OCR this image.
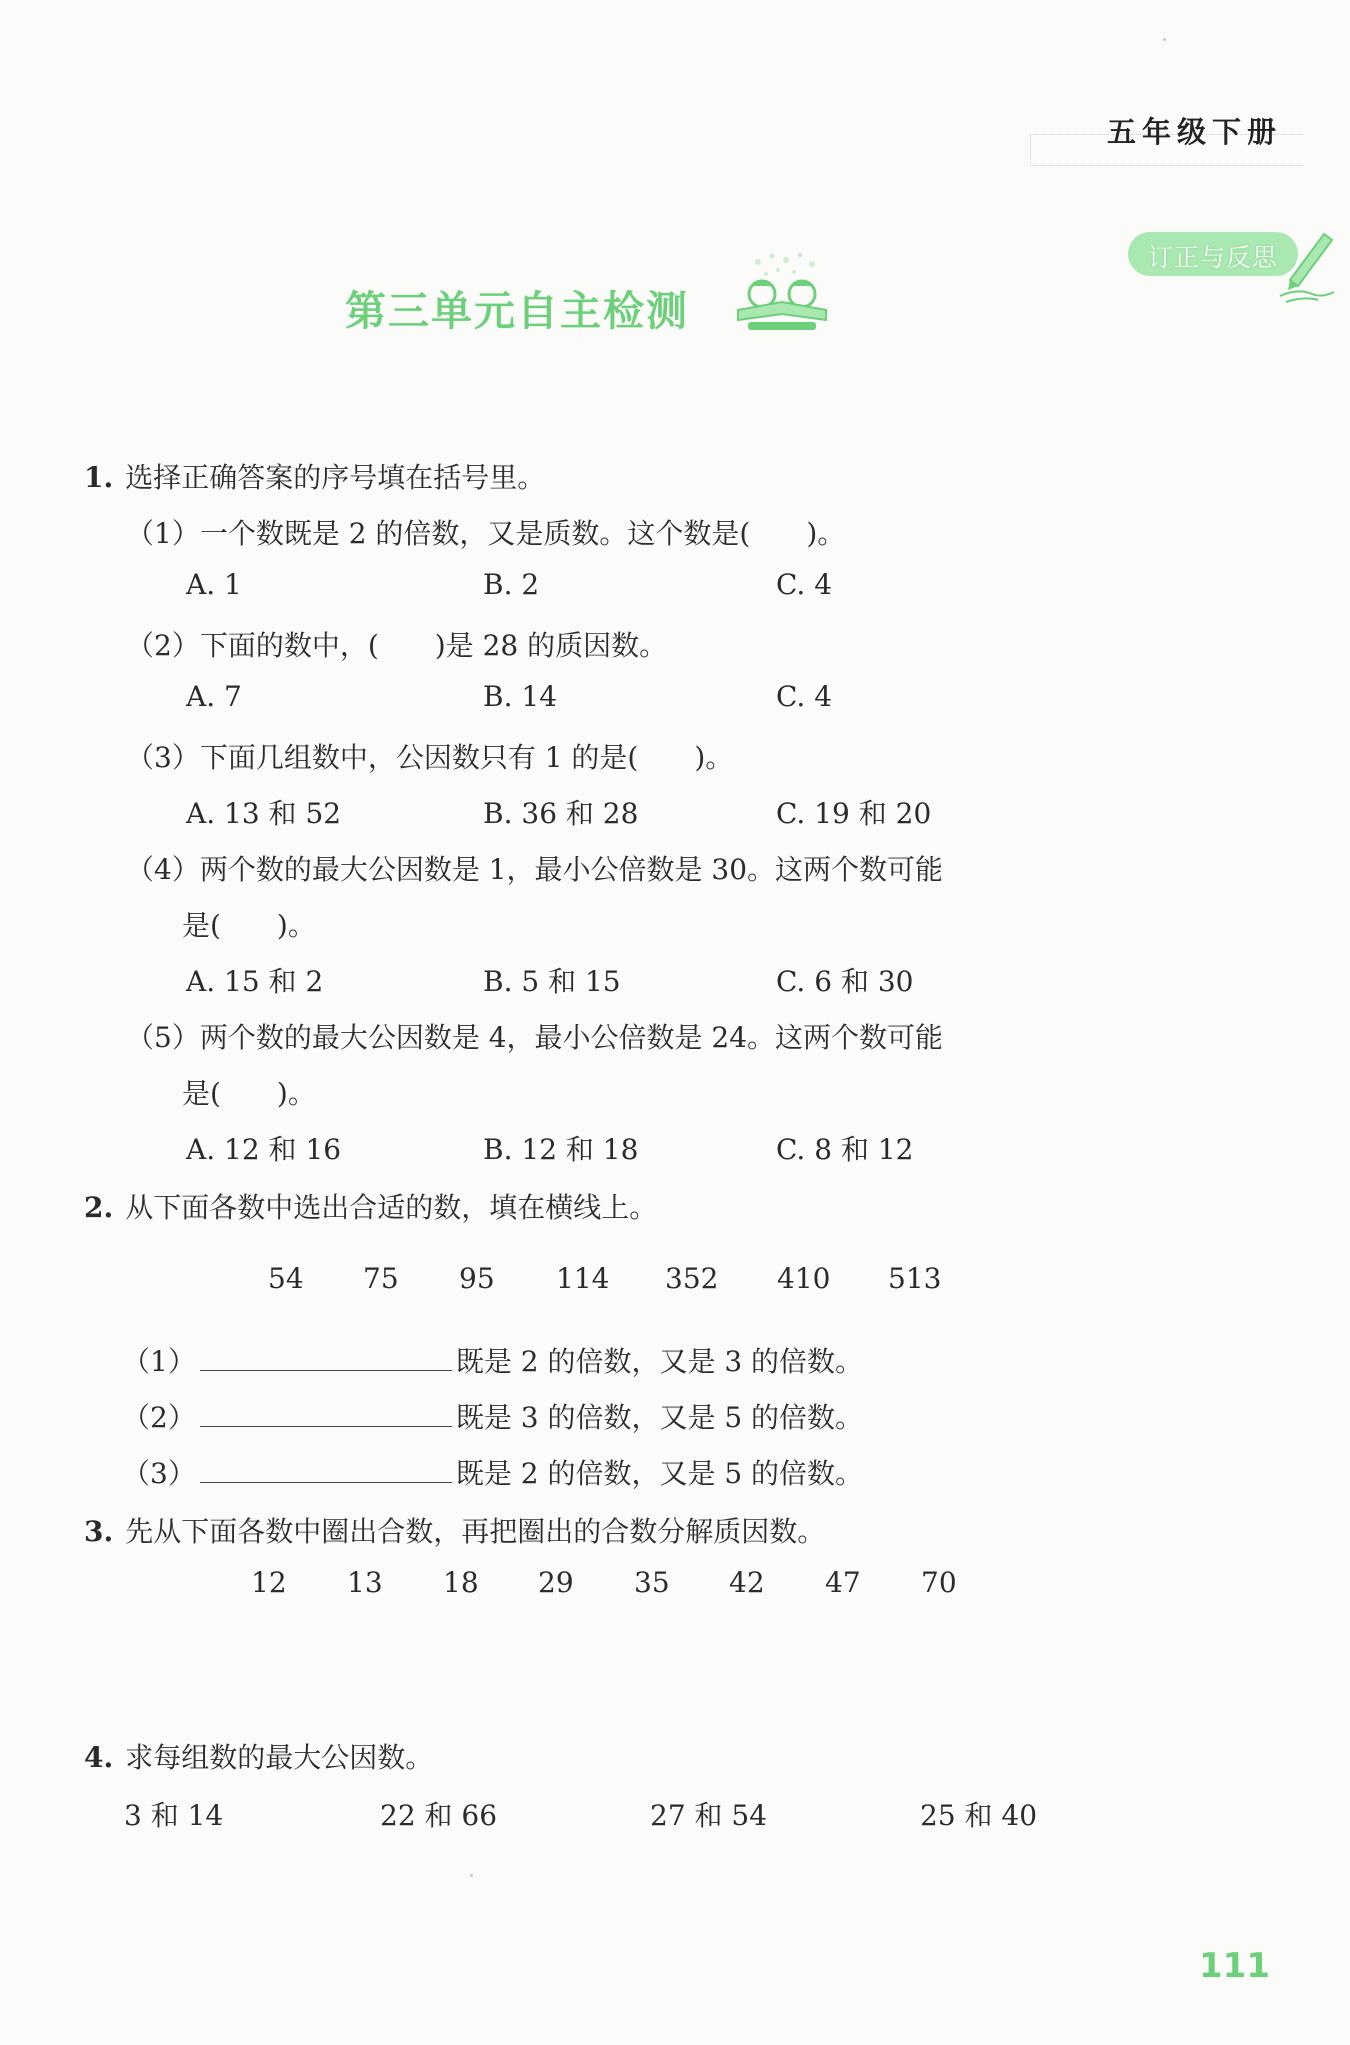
五年级下册
订正与反思
第三单元自主检测
1. 选择正确答案的序号填在括号里。
（1）一个数既是 2 的倍数，又是质数。这个数是(　　)。
A. 1	B. 2	C. 4
（2）下面的数中，(　　)是 28 的质因数。
A. 7	B. 14	C. 4
（3）下面几组数中，公因数只有 1 的是(　　)。
A. 13 和 52	B. 36 和 28	C. 19 和 20
（4）两个数的最大公因数是 1，最小公倍数是 30。这两个数可能
是(　　)。
A. 15 和 2	B. 5 和 15	C. 6 和 30
（5）两个数的最大公因数是 4，最小公倍数是 24。这两个数可能
是(　　)。
A. 12 和 16	B. 12 和 18	C. 8 和 12
2. 从下面各数中选出合适的数，填在横线上。
54 75 95 114 352 410 513
（1）	既是 2 的倍数，又是 3 的倍数。
（2）	既是 3 的倍数，又是 5 的倍数。
（3）	既是 2 的倍数，又是 5 的倍数。
3. 先从下面各数中圈出合数，再把圈出的合数分解质因数。
12 13 18 29 35 42 47 70
4. 求每组数的最大公因数。
3 和 14	22 和 66	27 和 54	25 和 40
111
